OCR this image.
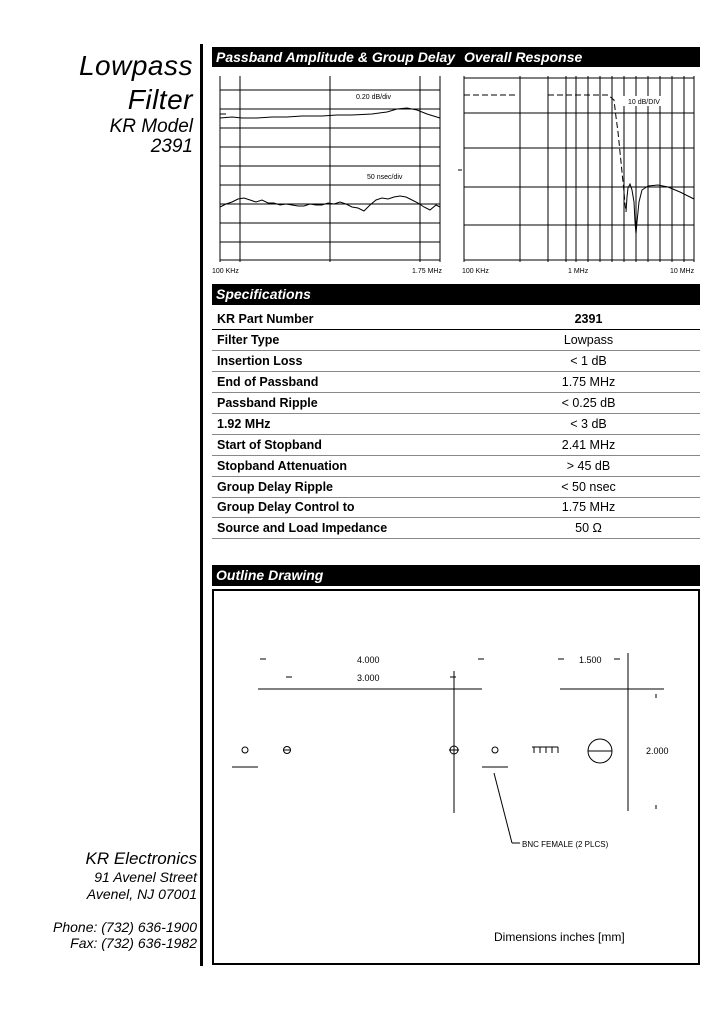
Lowpass
Filter
KR Model
2391
KR Electronics
91 Avenel Street
Avenel, NJ 07001
Phone: (732) 636-1900
Fax: (732) 636-1982
Passband Amplitude & Group Delay Overall Response
0.20 dB/div
50 nsec/div
100 KHz	1.75 MHz
10 dB/DIV
100 KHz	1 MHz	10 MHz
Specifications
KR Part Number	2391
Filter Type	Lowpass
Insertion Loss	< 1 dB
End of Passband	1.75 MHz
Passband Ripple	< 0.25 dB
1.92 MHz	< 3 dB
Start of Stopband	2.41 MHz
Stopband Attenuation	> 45 dB
Group Delay Ripple	< 50 nsec
Group Delay Control to	1.75 MHz
Source and Load Impedance	50 Ω
Outline Drawing
4.000
3.000
1.500
2.000
BNC FEMALE (2 PLCS)
Dimensions inches [mm]
